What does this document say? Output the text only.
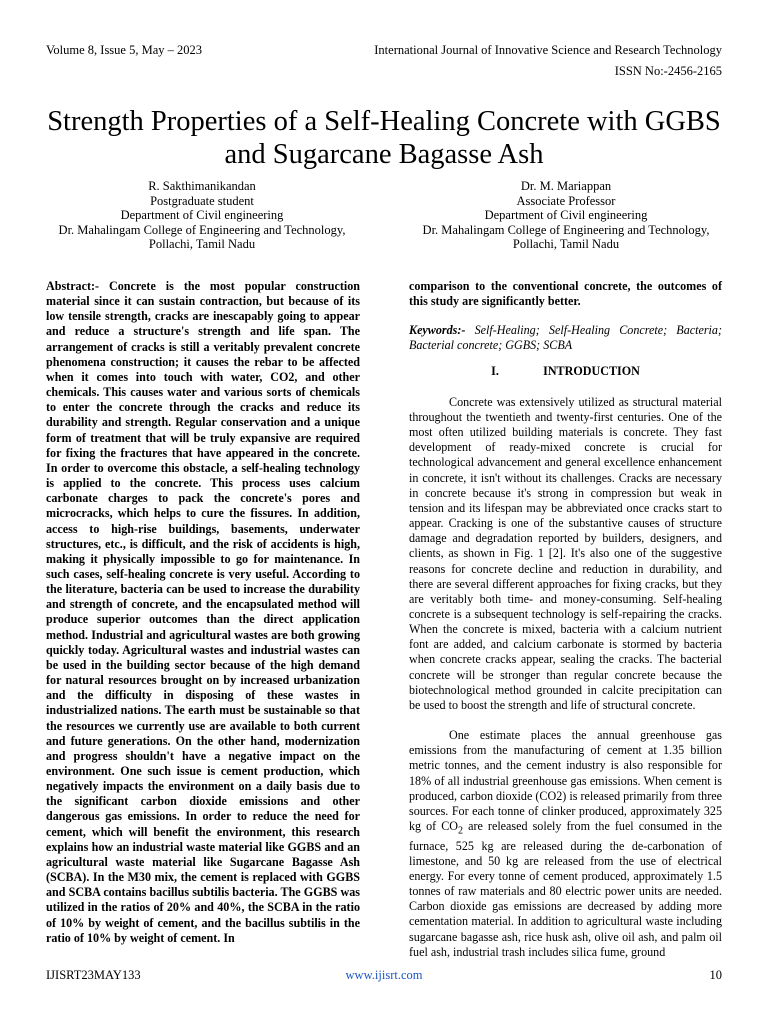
Volume 8, Issue 5, May – 2023	International Journal of Innovative Science and Research Technology
ISSN No:-2456-2165
Strength Properties of a Self-Healing Concrete with GGBS and Sugarcane Bagasse Ash
R. Sakthimanikandan
Postgraduate student
Department of Civil engineering
Dr. Mahalingam College of Engineering and Technology,
Pollachi, Tamil Nadu
Dr. M. Mariappan
Associate Professor
Department of Civil engineering
Dr. Mahalingam College of Engineering and Technology,
Pollachi, Tamil Nadu
Abstract:- Concrete is the most popular construction material since it can sustain contraction, but because of its low tensile strength, cracks are inescapably going to appear and reduce a structure's strength and life span. The arrangement of cracks is still a veritably prevalent concrete phenomena construction; it causes the rebar to be affected when it comes into touch with water, CO2, and other chemicals. This causes water and various sorts of chemicals to enter the concrete through the cracks and reduce its durability and strength. Regular conservation and a unique form of treatment that will be truly expansive are required for fixing the fractures that have appeared in the concrete. In order to overcome this obstacle, a self-healing technology is applied to the concrete. This process uses calcium carbonate charges to pack the concrete's pores and microcracks, which helps to cure the fissures. In addition, access to high-rise buildings, basements, underwater structures, etc., is difficult, and the risk of accidents is high, making it physically impossible to go for maintenance. In such cases, self-healing concrete is very useful. According to the literature, bacteria can be used to increase the durability and strength of concrete, and the encapsulated method will produce superior outcomes than the direct application method. Industrial and agricultural wastes are both growing quickly today. Agricultural wastes and industrial wastes can be used in the building sector because of the high demand for natural resources brought on by increased urbanization and the difficulty in disposing of these wastes in industrialized nations. The earth must be sustainable so that the resources we currently use are available to both current and future generations. On the other hand, modernization and progress shouldn't have a negative impact on the environment. One such issue is cement production, which negatively impacts the environment on a daily basis due to the significant carbon dioxide emissions and other dangerous gas emissions. In order to reduce the need for cement, which will benefit the environment, this research explains how an industrial waste material like GGBS and an agricultural waste material like Sugarcane Bagasse Ash (SCBA). In the M30 mix, the cement is replaced with GGBS and SCBA contains bacillus subtilis bacteria. The GGBS was utilized in the ratios of 20% and 40%, the SCBA in the ratio of 10% by weight of cement, and the bacillus subtilis in the ratio of 10% by weight of cement. In

comparison to the conventional concrete, the outcomes of this study are significantly better.

Keywords:- Self-Healing; Self-Healing Concrete; Bacteria; Bacterial concrete; GGBS; SCBA

I.	INTRODUCTION

Concrete was extensively utilized as structural material throughout the twentieth and twenty-first centuries. One of the most often utilized building materials is concrete. They fast development of ready-mixed concrete is crucial for technological advancement and general excellence enhancement in concrete, it isn't without its challenges. Cracks are necessary in concrete because it's strong in compression but weak in tension and its lifespan may be abbreviated once cracks start to appear. Cracking is one of the substantive causes of structure damage and degradation reported by builders, designers, and clients, as shown in Fig. 1 [2]. It's also one of the suggestive reasons for concrete decline and reduction in durability, and there are several different approaches for fixing cracks, but they are veritably both time- and money-consuming. Self-healing concrete is a subsequent technology is self-repairing the cracks. When the concrete is mixed, bacteria with a calcium nutrient font are added, and calcium carbonate is stormed by bacteria when concrete cracks appear, sealing the cracks. The bacterial concrete will be stronger than regular concrete because the biotechnological method grounded in calcite precipitation can be used to boost the strength and life of structural concrete.

One estimate places the annual greenhouse gas emissions from the manufacturing of cement at 1.35 billion metric tonnes, and the cement industry is also responsible for 18% of all industrial greenhouse gas emissions. When cement is produced, carbon dioxide (CO2) is released primarily from three sources. For each tonne of clinker produced, approximately 325 kg of $CO_2$ are released solely from the fuel consumed in the furnace, 525 kg are released during the de-carbonation of limestone, and 50 kg are released from the use of electrical energy. For every tonne of cement produced, approximately 1.5 tonnes of raw materials and 80 electric power units are needed. Carbon dioxide gas emissions are decreased by adding more cementation material. In addition to agricultural waste including sugarcane bagasse ash, rice husk ash, olive oil ash, and palm oil fuel ash, industrial trash includes silica fume, ground

IJISRT23MAY133	www.ijisrt.com	10
